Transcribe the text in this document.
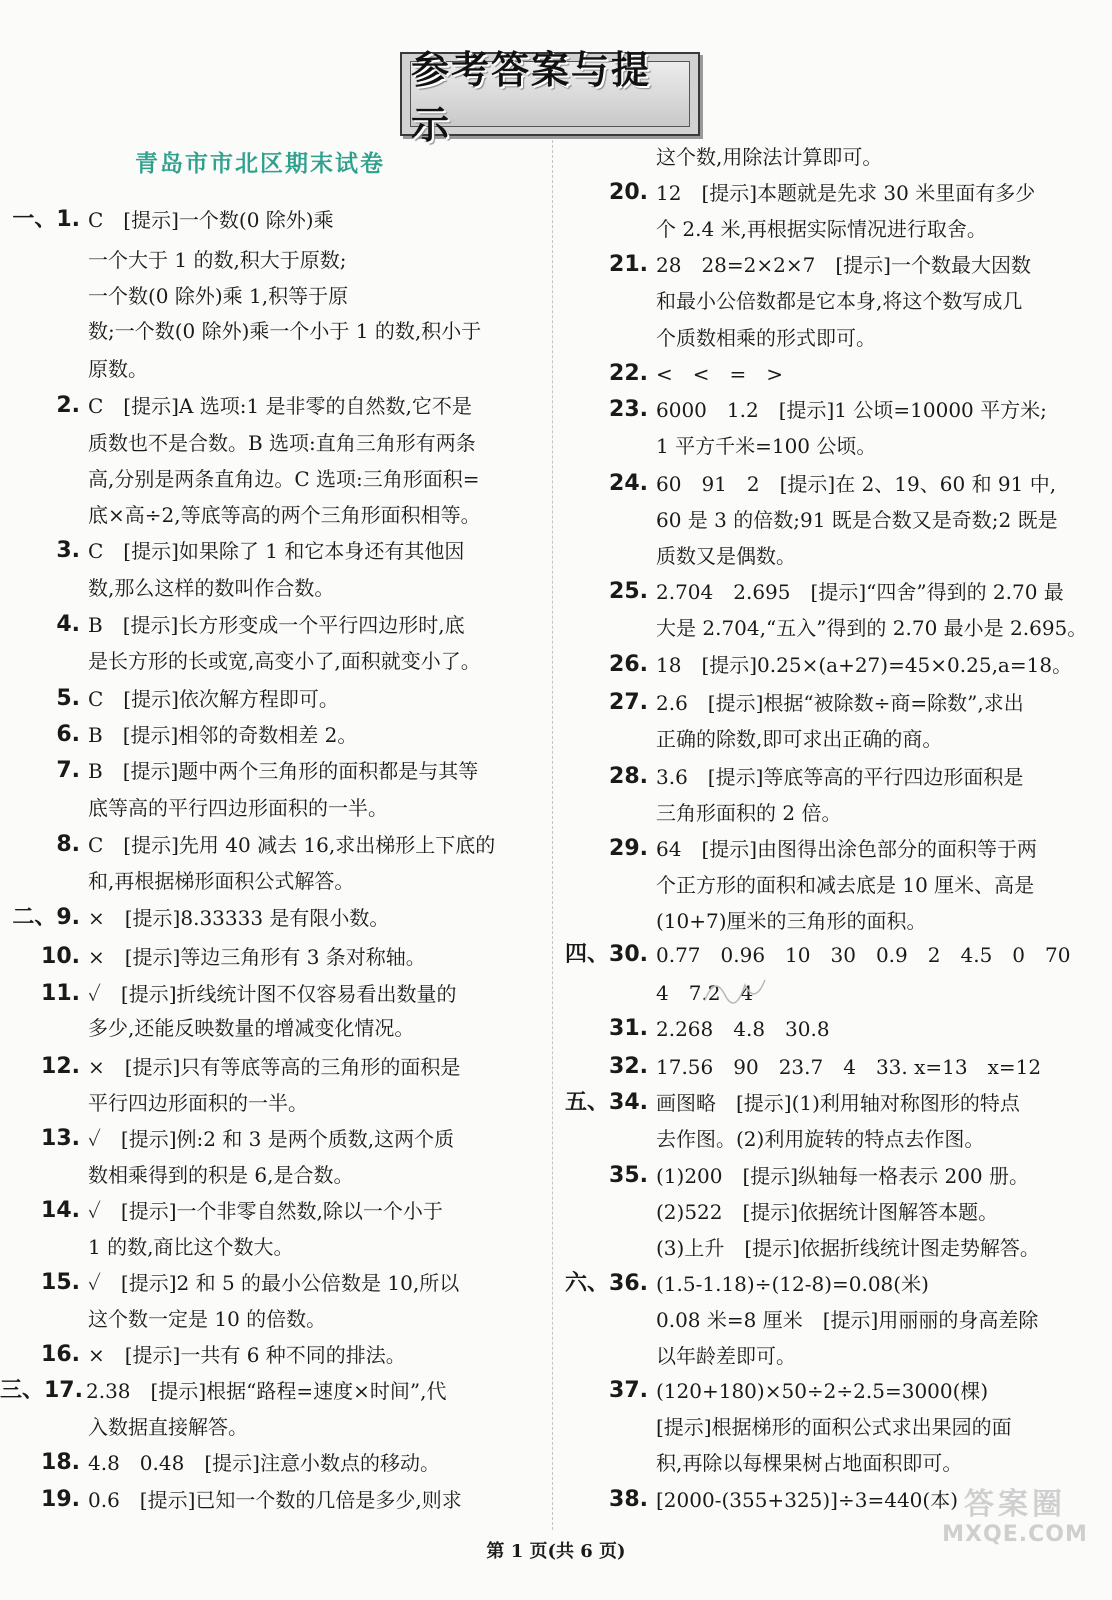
参考答案与提示
青岛市市北区期末试卷
一、1. C　[提示]一个数(0 除外)乘
一个大于 1 的数,积大于原数;
一个数(0 除外)乘 1,积等于原
数;一个数(0 除外)乘一个小于 1 的数,积小于
原数。
2. C　[提示]A 选项:1 是非零的自然数,它不是
质数也不是合数。B 选项:直角三角形有两条
高,分别是两条直角边。C 选项:三角形面积=
底×高÷2,等底等高的两个三角形面积相等。
3. C　[提示]如果除了 1 和它本身还有其他因
数,那么这样的数叫作合数。
4. B　[提示]长方形变成一个平行四边形时,底
是长方形的长或宽,高变小了,面积就变小了。
5. C　[提示]依次解方程即可。
6. B　[提示]相邻的奇数相差 2。
7. B　[提示]题中两个三角形的面积都是与其等
底等高的平行四边形面积的一半。
8. C　[提示]先用 40 减去 16,求出梯形上下底的
和,再根据梯形面积公式解答。
二、9. ×　[提示]8.33333 是有限小数。
10. ×　[提示]等边三角形有 3 条对称轴。
11. ✓　[提示]折线统计图不仅容易看出数量的
多少,还能反映数量的增减变化情况。
12. ×　[提示]只有等底等高的三角形的面积是
平行四边形面积的一半。
13. ✓　[提示]例:2 和 3 是两个质数,这两个质
数相乘得到的积是 6,是合数。
14. ✓　[提示]一个非零自然数,除以一个小于
1 的数,商比这个数大。
15. ✓　[提示]2 和 5 的最小公倍数是 10,所以
这个数一定是 10 的倍数。
16. ×　[提示]一共有 6 种不同的排法。
三、17. 2.38　[提示]根据“路程=速度×时间”,代
入数据直接解答。
18. 4.8　0.48　[提示]注意小数点的移动。
19. 0.6　[提示]已知一个数的几倍是多少,则求
这个数,用除法计算即可。
20. 12　[提示]本题就是先求 30 米里面有多少
个 2.4 米,再根据实际情况进行取舍。
21. 28　28=2×2×7　[提示]一个数最大因数
和最小公倍数都是它本身,将这个数写成几
个质数相乘的形式即可。
22. <　<　=　>
23. 6000　1.2　[提示]1 公顷=10000 平方米;
1 平方千米=100 公顷。
24. 60　91　2　[提示]在 2、19、60 和 91 中,
60 是 3 的倍数;91 既是合数又是奇数;2 既是
质数又是偶数。
25. 2.704　2.695　[提示]“四舍”得到的 2.70 最
大是 2.704,“五入”得到的 2.70 最小是 2.695。
26. 18　[提示]0.25×(a+27)=45×0.25,a=18。
27. 2.6　[提示]根据“被除数÷商=除数”,求出
正确的除数,即可求出正确的商。
28. 3.6　[提示]等底等高的平行四边形面积是
三角形面积的 2 倍。
29. 64　[提示]由图得出涂色部分的面积等于两
个正方形的面积和减去底是 10 厘米、高是
(10+7)厘米的三角形的面积。
四、30. 0.77　0.96　10　30　0.9　2　4.5　0　70
4　7.2　4
31. 2.268　4.8　30.8
32. 17.56　90　23.7　4　33. x=13　x=12
五、34. 画图略　[提示](1)利用轴对称图形的特点
去作图。(2)利用旋转的特点去作图。
35. (1)200　[提示]纵轴每一格表示 200 册。
(2)522　[提示]依据统计图解答本题。
(3)上升　[提示]依据折线统计图走势解答。
六、36. (1.5-1.18)÷(12-8)=0.08(米)
0.08 米=8 厘米　[提示]用丽丽的身高差除
以年龄差即可。
37. (120+180)×50÷2÷2.5=3000(棵)
[提示]根据梯形的面积公式求出果园的面
积,再除以每棵果树占地面积即可。
38. [2000-(355+325)]÷3=440(本) 答案圈
MXQE.COM
第 1 页(共 6 页)
